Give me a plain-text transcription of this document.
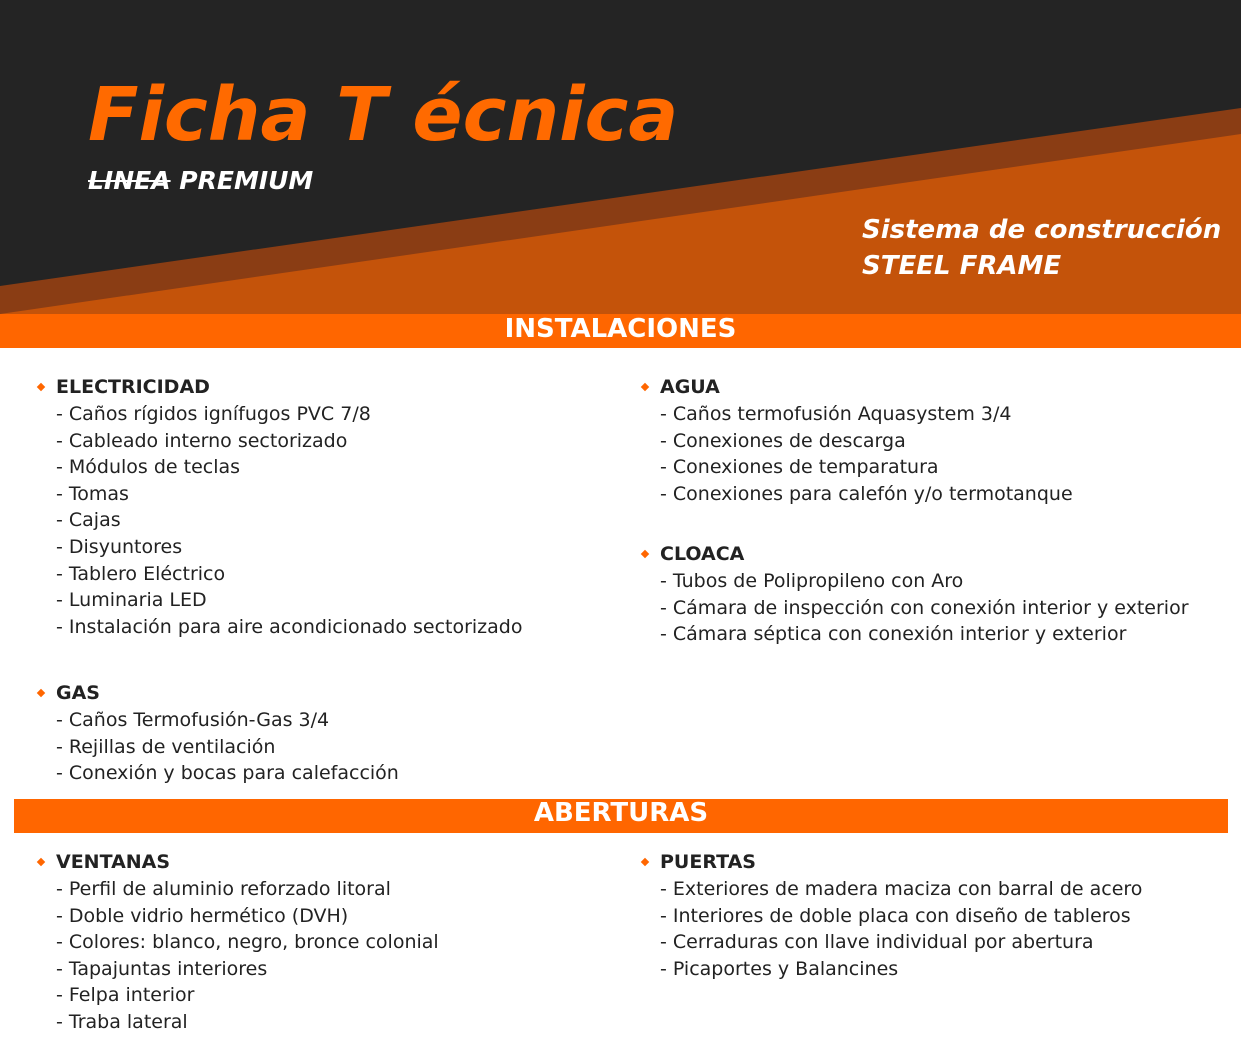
Ficha T écnica
LINEA PREMIUM
Sistema de construcción
STEEL FRAME
INSTALACIONES
ELECTRICIDAD
- Caños rígidos ignífugos PVC 7/8
- Cableado interno sectorizado
- Módulos de teclas
- Tomas
- Cajas
- Disyuntores
- Tablero Eléctrico
- Luminaria LED
- Instalación para aire acondicionado sectorizado
AGUA
- Caños termofusión Aquasystem 3/4
- Conexiones de descarga
- Conexiones de temparatura
- Conexiones para calefón y/o termotanque
CLOACA
- Tubos de Polipropileno con Aro
- Cámara de inspección con conexión interior y exterior
- Cámara séptica con conexión interior y exterior
GAS
- Caños Termofusión-Gas 3/4
- Rejillas de ventilación
- Conexión y bocas para calefacción
ABERTURAS
VENTANAS
- Perfil de aluminio reforzado litoral
- Doble vidrio hermético (DVH)
- Colores: blanco, negro, bronce colonial
- Tapajuntas interiores
- Felpa interior
- Traba lateral
PUERTAS
- Exteriores de madera maciza con barral de acero
- Interiores de doble placa con diseño de tableros
- Cerraduras con llave individual por abertura
- Picaportes y Balancines
